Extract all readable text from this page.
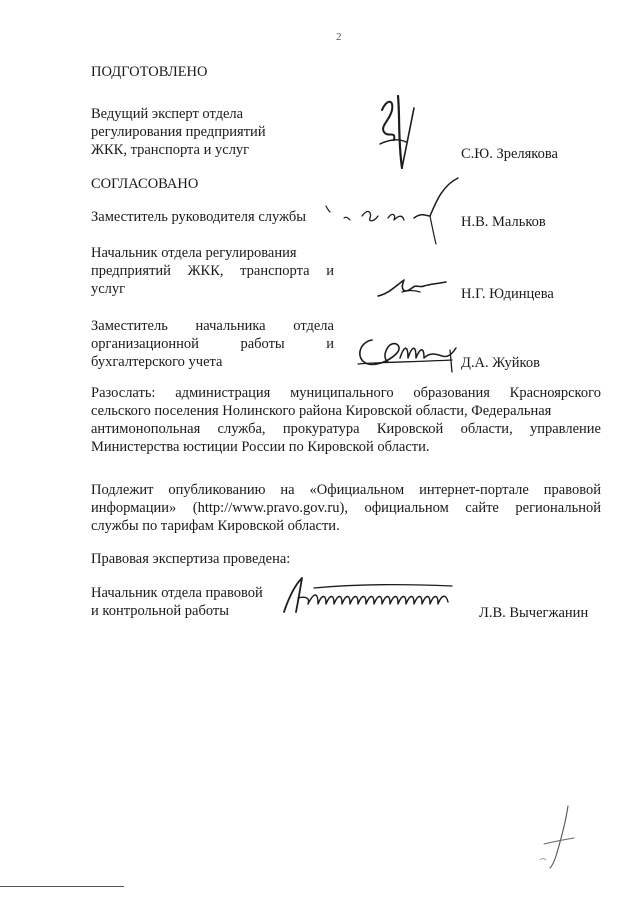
2
ПОДГОТОВЛЕНО
Ведущий эксперт отдела
регулирования предприятий
ЖКК, транспорта и услуг	С.Ю. Зрелякова
СОГЛАСОВАНО
Заместитель руководителя службы	Н.В. Мальков
Начальник отдела регулирования
предприятий ЖКК, транспорта и
услуг	Н.Г. Юдинцева
Заместитель начальника отдела
организационной	работы	и
бухгалтерского учета	Д.А. Жуйков
Разослать: администрация муниципального образования Красноярского
сельского поселения Нолинского района Кировской области, Федеральная
антимонопольная служба, прокуратура Кировской области, управление
Министерства юстиции России по Кировской области.
Подлежит опубликованию на «Официальном интернет-портале правовой
информации» (http://www.pravo.gov.ru), официальном сайте региональной
службы по тарифам Кировской области.
Правовая экспертиза проведена:
Начальник отдела правовой
и контрольной работы	Л.В. Вычегжанин
